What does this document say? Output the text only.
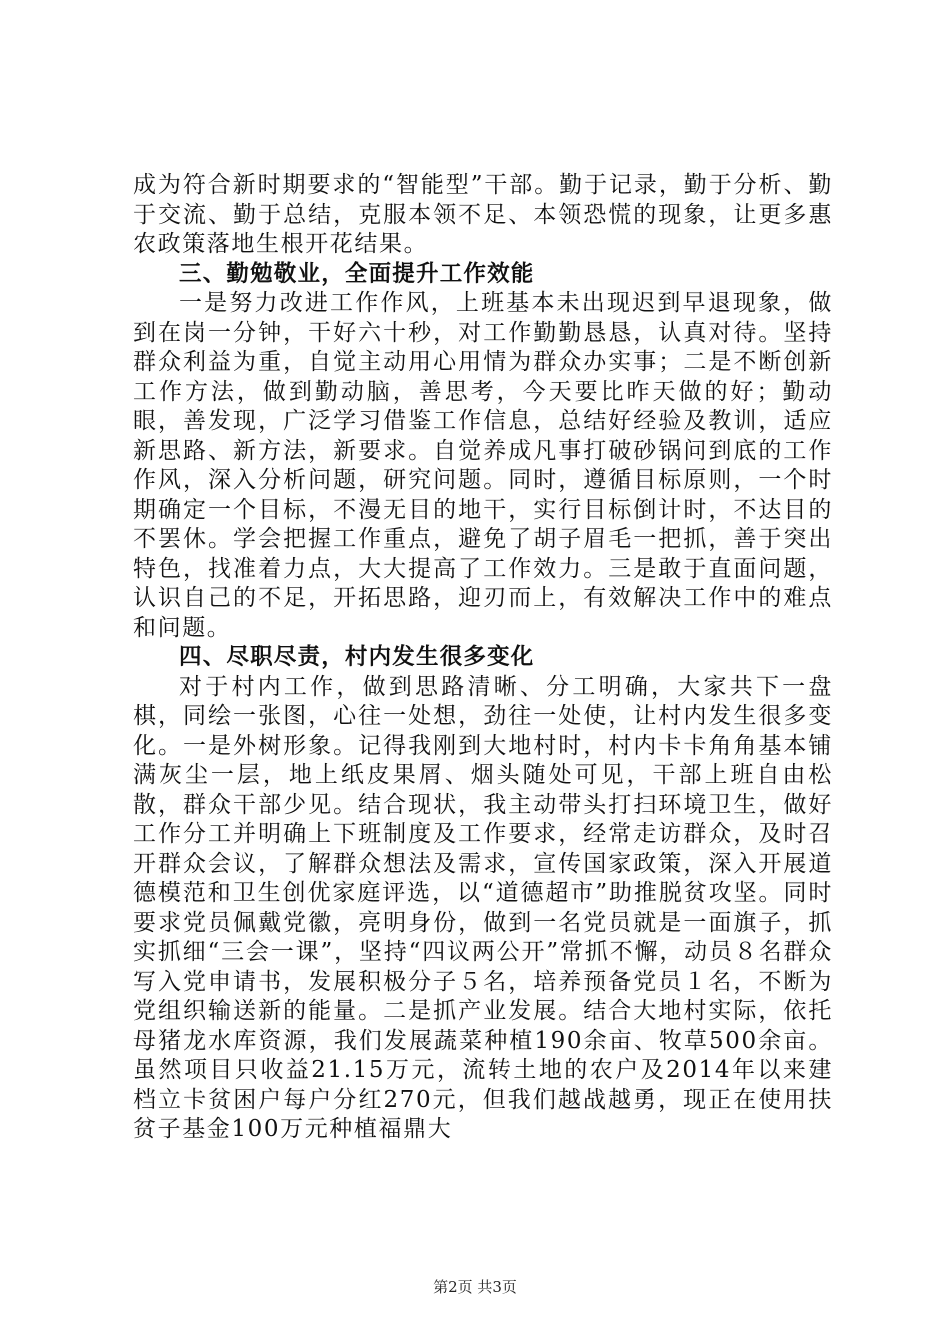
成为符合新时期要求的“智能型”干部。勤于记录，勤于分析、勤于交流、勤于总结，克服本领不足、本领恐慌的现象，让更多惠农政策落地生根开花结果。

三、勤勉敬业，全面提升工作效能

一是努力改进工作作风，上班基本未出现迟到早退现象，做到在岗一分钟，干好六十秒，对工作勤勤恳恳，认真对待。坚持群众利益为重，自觉主动用心用情为群众办实事；二是不断创新工作方法，做到勤动脑，善思考，今天要比昨天做的好；勤动眼，善发现，广泛学习借鉴工作信息，总结好经验及教训，适应新思路、新方法，新要求。自觉养成凡事打破砂锅问到底的工作作风，深入分析问题，研究问题。同时，遵循目标原则，一个时期确定一个目标，不漫无目的地干，实行目标倒计时，不达目的不罢休。学会把握工作重点，避免了胡子眉毛一把抓，善于突出特色，找准着力点，大大提高了工作效力。三是敢于直面问题，认识自己的不足，开拓思路，迎刃而上，有效解决工作中的难点和问题。

四、尽职尽责，村内发生很多变化

对于村内工作，做到思路清晰、分工明确，大家共下一盘棋，同绘一张图，心往一处想，劲往一处使，让村内发生很多变化。一是外树形象。记得我刚到大地村时，村内卡卡角角基本铺满灰尘一层，地上纸皮果屑、烟头随处可见，干部上班自由松散，群众干部少见。结合现状，我主动带头打扫环境卫生，做好工作分工并明确上下班制度及工作要求，经常走访群众，及时召开群众会议，了解群众想法及需求，宣传国家政策，深入开展道德模范和卫生创优家庭评选，以“道德超市”助推脱贫攻坚。同时要求党员佩戴党徽，亮明身份，做到一名党员就是一面旗子，抓实抓细“三会一课”，坚持“四议两公开”常抓不懈，动员８名群众写入党申请书，发展积极分子５名，培养预备党员１名，不断为党组织输送新的能量。二是抓产业发展。结合大地村实际，依托母猪龙水库资源，我们发展蔬菜种植190余亩、牧草500余亩。虽然项目只收益21.15万元，流转土地的农户及2014年以来建档立卡贫困户每户分红270元，但我们越战越勇，现正在使用扶贫子基金100万元种植福鼎大

第2页 共3页
